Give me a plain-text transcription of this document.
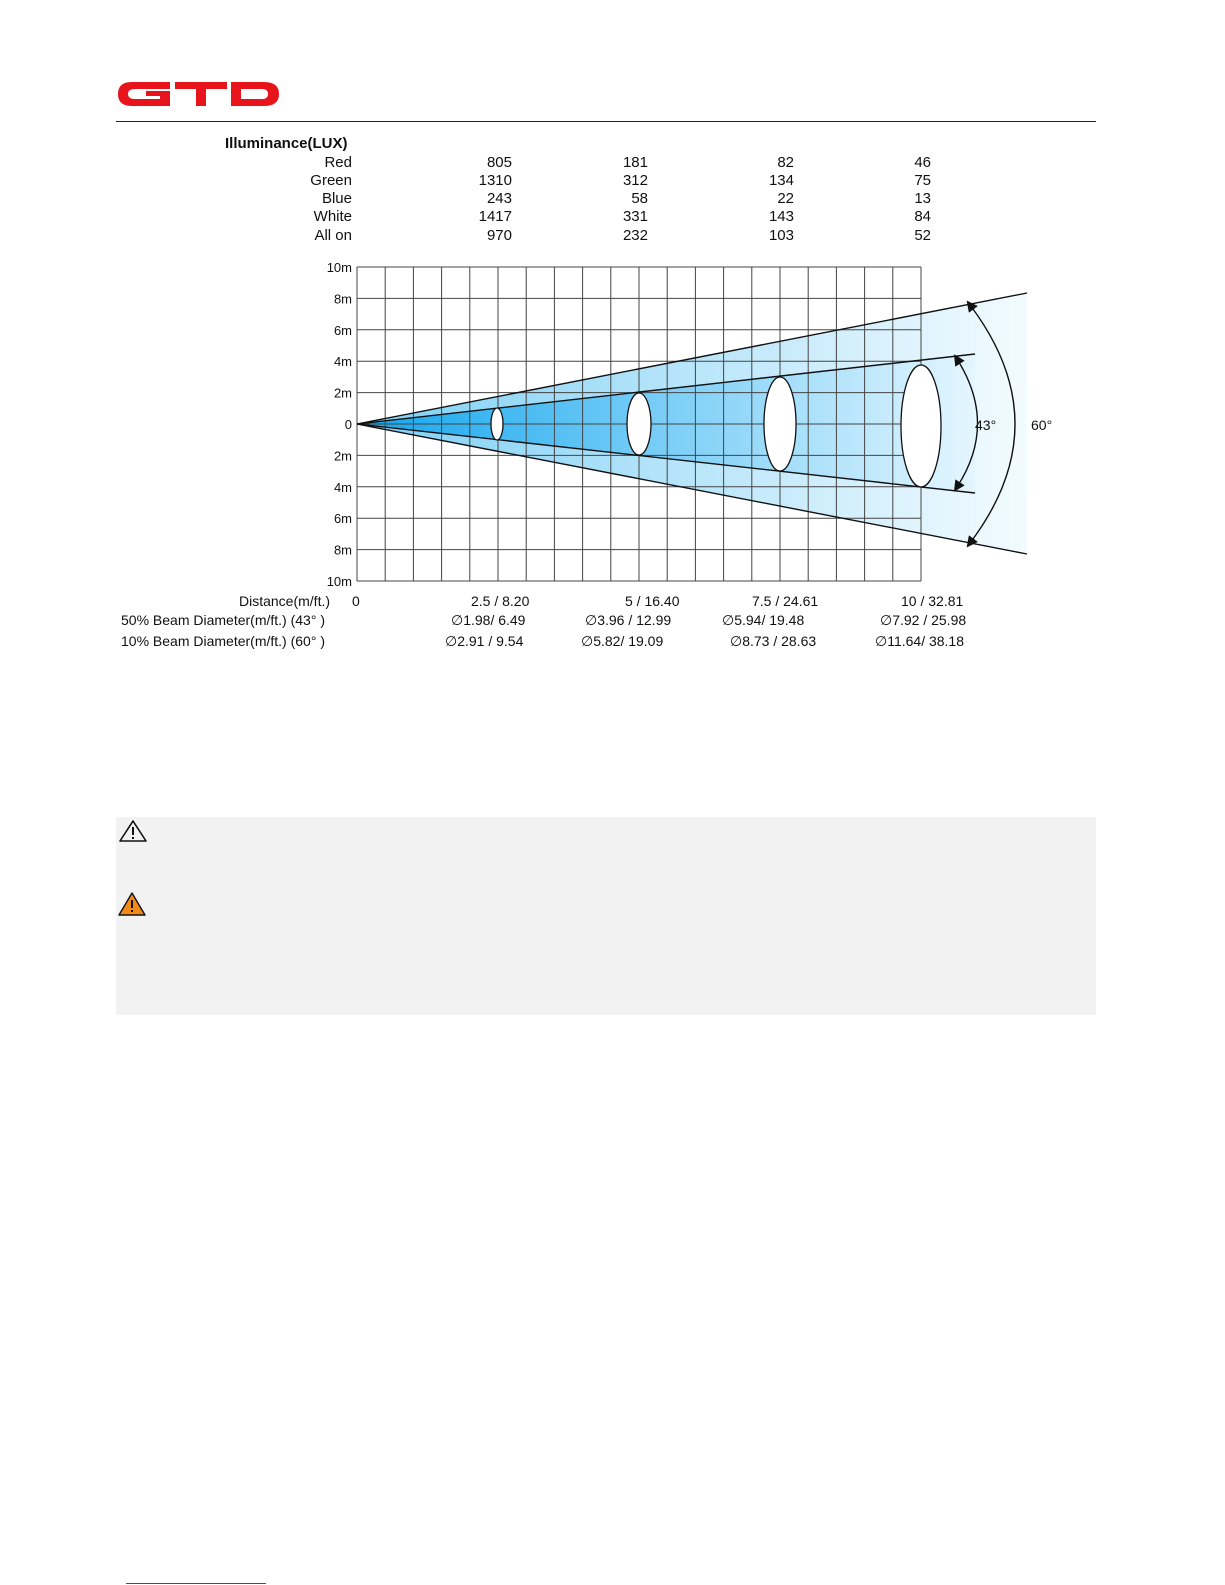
Illuminance(LUX)
Red	805	181	82	46
Green	1310	312	134	75
Blue	243	58	22	13
White	1417	331	143	84
All on	970	232	103	52
10m
8m
6m
4m
2m
0
2m
4m
6m
8m
10m
43° 60°
Distance(m/ft.) 0	2.5 / 8.20	5 / 16.40	7.5 / 24.61	10 / 32.81
50% Beam Diameter(m/ft.) (43° )	∅1.98/ 6.49	∅3.96 / 12.99	∅5.94/ 19.48	∅7.92 / 25.98
10% Beam Diameter(m/ft.) (60° )	∅2.91 / 9.54	∅5.82/ 19.09	∅8.73 / 28.63	∅11.64/ 38.18
